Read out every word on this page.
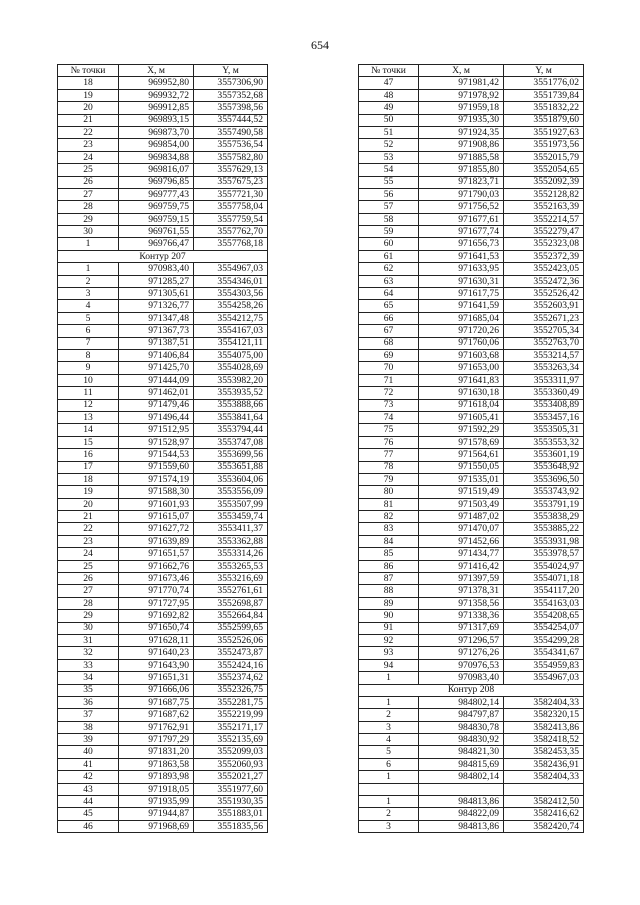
654
№ точки	X, м	Y, м
18	969952,80	3557306,90
19	969932,72	3557352,68
20	969912,85	3557398,56
21	969893,15	3557444,52
22	969873,70	3557490,58
23	969854,00	3557536,54
24	969834,88	3557582,80
25	969816,07	3557629,13
26	969796,85	3557675,23
27	969777,43	3557721,30
28	969759,75	3557758,04
29	969759,15	3557759,54
30	969761,55	3557762,70
1	969766,47	3557768,18
Контур 207		
1	970983,40	3554967,03
2	971285,27	3554346,01
3	971305,61	3554303,56
4	971326,77	3554258,26
5	971347,48	3554212,75
6	971367,73	3554167,03
7	971387,51	3554121,11
8	971406,84	3554075,00
9	971425,70	3554028,69
10	971444,09	3553982,20
11	971462,01	3553935,52
12	971479,46	3553888,66
13	971496,44	3553841,64
14	971512,95	3553794,44
15	971528,97	3553747,08
16	971544,53	3553699,56
17	971559,60	3553651,88
18	971574,19	3553604,06
19	971588,30	3553556,09
20	971601,93	3553507,99
21	971615,07	3553459,74
22	971627,72	3553411,37
23	971639,89	3553362,88
24	971651,57	3553314,26
25	971662,76	3553265,53
26	971673,46	3553216,69
27	971770,74	3552761,61
28	971727,95	3552698,87
29	971692,82	3552664,84
30	971650,74	3552599,65
31	971628,11	3552526,06
32	971640,23	3552473,87
33	971643,90	3552424,16
34	971651,31	3552374,62
35	971666,06	3552326,75
36	971687,75	3552281,75
37	971687,62	3552219,99
38	971762,91	3552171,17
39	971797,29	3552135,69
40	971831,20	3552099,03
41	971863,58	3552060,93
42	971893,98	3552021,27
43	971918,05	3551977,60
44	971935,99	3551930,35
45	971944,87	3551883,01
46	971968,69	3551835,56
№ точки	X, м	Y, м
47	971981,42	3551776,02
48	971978,92	3551739,84
49	971959,18	3551832,22
50	971935,30	3551879,60
51	971924,35	3551927,63
52	971908,86	3551973,56
53	971885,58	3552015,79
54	971855,80	3552054,65
55	971823,71	3552092,39
56	971790,03	3552128,82
57	971756,52	3552163,39
58	971677,61	3552214,57
59	971677,74	3552279,47
60	971656,73	3552323,08
61	971641,53	3552372,39
62	971633,95	3552423,05
63	971630,31	3552472,36
64	971617,75	3552526,42
65	971641,59	3552603,91
66	971685,04	3552671,23
67	971720,26	3552705,34
68	971760,06	3552763,70
69	971603,68	3553214,57
70	971653,00	3553263,34
71	971641,83	3553311,97
72	971630,18	3553360,49
73	971618,04	3553408,89
74	971605,41	3553457,16
75	971592,29	3553505,31
76	971578,69	3553553,32
77	971564,61	3553601,19
78	971550,05	3553648,92
79	971535,01	3553696,50
80	971519,49	3553743,92
81	971503,49	3553791,19
82	971487,02	3553838,29
83	971470,07	3553885,22
84	971452,66	3553931,98
85	971434,77	3553978,57
86	971416,42	3554024,97
87	971397,59	3554071,18
88	971378,31	3554117,20
89	971358,56	3554163,03
90	971338,36	3554208,65
91	971317,69	3554254,07
92	971296,57	3554299,28
93	971276,26	3554341,67
94	970976,53	3554959,83
1	970983,40	3554967,03
Контур 208		
1	984802,14	3582404,33
2	984797,87	3582320,15
3	984830,78	3582413,86
4	984830,92	3582418,52
5	984821,30	3582453,35
6	984815,69	3582436,91
1	984802,14	3582404,33

1	984813,86	3582412,50
2	984822,09	3582416,62
3	984813,86	3582420,74
